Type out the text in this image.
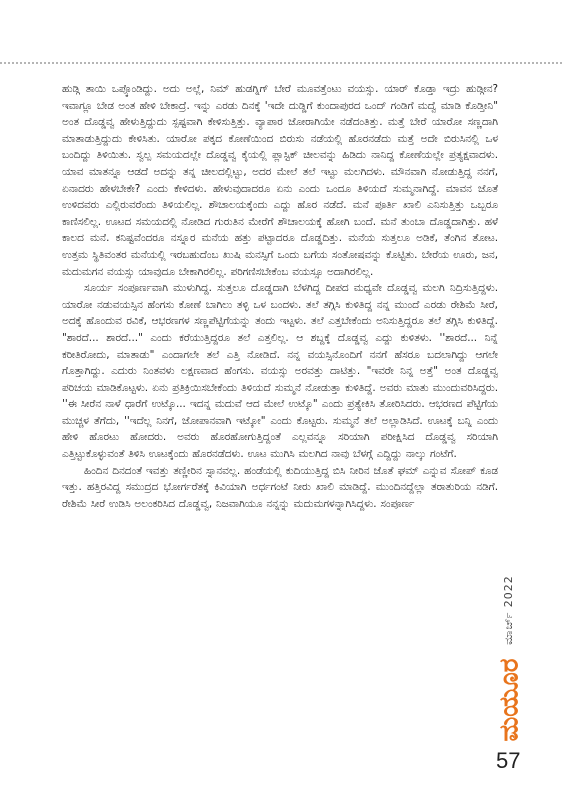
ಹುಡ್ಗಿ ತಾಯಿ ಒಪ್ಕೊಂಡಿದ್ದು. ಅದು ಅಲ್ಲೆ, ನಿಮ್ ಹುಡಗ್ನಿಗ್ ಬೇರೆ ಮೂವತ್ತೆಂಟು ವಯಸ್ಸು. ಯಾರ್ ಕೊಡ್ತಾ ಇದ್ರು ಹುಡ್ಗೀನ? ಇವಾಗ್ಲೂ ಬೇಡ ಅಂತ ಹೇಳಿ ಬೇಕಾದ್ರೆ. ಇನ್ನು ಎರಡು ದಿನಕ್ಕೆ 'ಇದೇ ದುಡ್ಡಿಗೆ ಕುಂದಾಪುರದ ಒಂದ್ ಗಂಡಿಗೆ ಮದ್ವೆ ಮಾಡಿ ಕೊಡ್ತೀನಿ" ಅಂತ ದೊಡ್ಡವ್ವ ಹೇಳುತ್ತಿದ್ದುದು ಸ್ಪಷ್ಟವಾಗಿ ಕೇಳಿಸುತ್ತಿತ್ತು. ವ್ಯಾಪಾರ ಜೋರಾಗಿಯೇ ನಡೆದಂತಿತ್ತು. ಮತ್ತೆ ಬೇರೆ ಯಾರೋ ಸಣ್ಣದಾಗಿ ಮಾತಾಡುತ್ತಿದ್ದುದು ಕೇಳಿಸಿತು. ಯಾರೋ ಪಕ್ಕದ ಕೋಣೆಯಿಂದ ಬಿರುಸು ನಡೆಯಲ್ಲಿ ಹೊರನಡೆದು ಮತ್ತೆ ಅದೇ ಬಿರುಸಿನಲ್ಲಿ ಒಳ ಬಂದಿದ್ದು ತಿಳಿಯಿತು. ಸ್ವಲ್ಪ ಸಮಯದಲ್ಲೇ ದೊಡ್ಡವ್ವ ಕೈಯಲ್ಲಿ ಪ್ಲಾಸ್ಟಿಕ್ ಚೀಲವನ್ನು ಹಿಡಿದು ನಾನಿದ್ದ ಕೋಣೆಯಲ್ಲೇ ಪ್ರತ್ಯಕ್ಷವಾದಳು. ಯಾವ ಮಾತನ್ನೂ ಆಡದೆ ಅದನ್ನು ತನ್ನ ಚೀಲದಲ್ಲಿಟ್ಟು, ಅದರ ಮೇಲೆ ತಲೆ ಇಟ್ಟು ಮಲಗಿದಳು. ಮೌನವಾಗಿ ನೋಡುತ್ತಿದ್ದ ನನಗೆ, ಏನಾದರು ಹೇಳಬೇಕೇ? ಎಂದು ಕೇಳಿದಳು. ಹೇಳುವುದಾದರೂ ಏನು ಎಂದು ಒಂದೂ ತಿಳಿಯದೆ ಸುಮ್ಮನಾಗಿದ್ದೆ. ಮಾವನ ಜೊತೆ ಉಳಿದವರು ಎಲ್ಲಿರುವರೆಂದು ತಿಳಿಯಲಿಲ್ಲ. ಶೌಚಾಲಯಕ್ಕೆಂದು ಎದ್ದು ಹೊರ ನಡೆದೆ. ಮನೆ ಪೂರ್ತಿ ಖಾಲಿ ಎನಿಸುತ್ತಿತ್ತು ಒಬ್ಬರೂ ಕಾಣಿಸಲಿಲ್ಲ. ಊಟದ ಸಮಯದಲ್ಲಿ ನೋಡಿದ ಗುರುತಿನ ಮೇರೆಗೆ ಶೌಚಾಲಯಕ್ಕೆ ಹೋಗಿ ಬಂದೆ. ಮನೆ ತುಂಬಾ ದೊಡ್ಡದಾಗಿತ್ತು. ಹಳೆ ಕಾಲದ ಮನೆ. ಕನಿಷ್ಟವೆಂದರೂ ನಸ್ನೂರ ಮನೆಯ ಹತ್ತು ಪಟ್ಟಾದರೂ ದೊಡ್ಡದಿತ್ತು. ಮನೆಯ ಸುತ್ತಲೂ ಅಡಿಕೆ, ತೆಂಗಿನ ತೋಟ. ಉತ್ತಮ ಸ್ಥಿತಿವಂತರ ಮನೆಯಲ್ಲಿ ಇರಬಹುದೆಂಬ ಖುಷಿ ಮನಸ್ಸಿಗೆ ಒಂದು ಬಗೆಯ ಸಂತೋಷವನ್ನು ಕೊಟ್ಟಿತು. ಬೇರೆಯ ಊರು, ಜನ, ಮದುಮಗನ ವಯಸ್ಸು ಯಾವುದೂ ಬೇಕಾಗಿರಲಿಲ್ಲ. ಪರಿಗಣಿಸಬೇಕೆಂಬ ವಯಸ್ಸೂ ಅದಾಗಿರಲಿಲ್ಲ.

ಸೂರ್ಯ ಸಂಪೂರ್ಣವಾಗಿ ಮುಳುಗಿದ್ದ. ಸುತ್ತಲೂ ದೊಡ್ಡದಾಗಿ ಬೆಳಗಿದ್ದ ದೀಪದ ಮಧ್ಯವೇ ದೊಡ್ಡವ್ವ ಮಲಗಿ ನಿದ್ರಿಸುತ್ತಿದ್ದಳು. ಯಾರೋ ನಡುವಯಸ್ಸಿನ ಹೆಂಗಸು ಕೋಣೆ ಬಾಗಿಲು ತಳ್ಳಿ ಒಳ ಬಂದಳು. ತಲೆ ತಗ್ಗಿಸಿ ಕುಳಿತಿದ್ದ ನನ್ನ ಮುಂದೆ ಎರಡು ರೇಶಿಮೆ ಸೀರೆ, ಅದಕ್ಕೆ ಹೊಂದುವ ರವಿಕೆ, ಆಭರಣಗಳ ಸಣ್ಣಪೆಟ್ಟಿಗೆಯನ್ನು ತಂದು ಇಟ್ಟಳು. ತಲೆ ಎತ್ತಬೇಕೆಂದು ಅನಿಸುತ್ತಿದ್ದರೂ ತಲೆ ತಗ್ಗಿಸಿ ಕುಳಿತಿದ್ದೆ. "ಶಾರದೆ... ಶಾರದೆ..." ಎಂದು ಕರೆಯುತ್ತಿದ್ದರೂ ತಲೆ ಎತ್ತಲಿಲ್ಲ. ಆ ಶಬ್ದಕ್ಕೆ ದೊಡ್ಡವ್ವ ಎದ್ದು ಕುಳಿತಳು. ''ಶಾರದೆ... ನಿನ್ನೆ ಕರೀತಿರೋದು, ಮಾತಾಡು" ಎಂದಾಗಲೇ ತಲೆ ಎತ್ತಿ ನೋಡಿದೆ. ನನ್ನ ವಯಸ್ಸಿನೊಂದಿಗೆ ನನಗೆ ಹೆಸರೂ ಬದಲಾಗಿದ್ದು ಆಗಲೇ ಗೊತ್ತಾಗಿದ್ದು. ಎದುರು ನಿಂತವಳು ಲಕ್ಷಣವಾದ ಹೆಂಗಸು. ವಯಸ್ಸು ಅರವತ್ತು ದಾಟಿತ್ತು. "ಇವರೇ ನಿನ್ನ ಅತ್ತೆ" ಅಂತ ದೊಡ್ಡವ್ವ ಪರಿಚಯ ಮಾಡಿಕೊಟ್ಟಳು. ಏನು ಪ್ರತಿಕ್ರಿಯಿಸಬೇಕೆಂದು ತಿಳಿಯದೆ ಸುಮ್ಮನೆ ನೋಡುತ್ತಾ ಕುಳಿತಿದ್ದೆ. ಅವರು ಮಾತು ಮುಂದುವರಿಸಿದ್ದರು. ''ಈ ಸೀರೆನ ನಾಳೆ ಧಾರೆಗೆ ಉಟ್ಕೊ... ಇದನ್ನ ಮದುವೆ ಆದ ಮೇಲೆ ಉಟ್ಕೊ" ಎಂದು ಪ್ರತ್ಯೇಕಿಸಿ ತೋರಿಸಿದರು. ಆಭರಣದ ಪೆಟ್ಟಿಗೆಯ ಮುಚ್ಚಳ ತೆಗೆದು, ''ಇದೆಲ್ಲ ನಿನಗೆ, ಜೋಪಾನವಾಗಿ ಇಟ್ಕೋ" ಎಂದು ಕೊಟ್ಟರು. ಸುಮ್ಮನೆ ತಲೆ ಅಲ್ಲಾಡಿಸಿದೆ. ಊಟಕ್ಕೆ ಬನ್ನಿ ಎಂದು ಹೇಳಿ ಹೊರಟು ಹೋದರು. ಅವರು ಹೊರಹೋಗುತ್ತಿದ್ದಂತೆ ಎಲ್ಲವನ್ನೂ ಸರಿಯಾಗಿ ಪರೀಕ್ಷಿಸಿದ ದೊಡ್ಡವ್ವ ಸರಿಯಾಗಿ ಎತ್ತಿಟ್ಟುಕೊಳ್ಳುವಂತೆ ತಿಳಿಸಿ ಊಟಕ್ಕೆಂದು ಹೊರನಡೆದಳು. ಊಟ ಮುಗಿಸಿ ಮಲಗಿದ ನಾವು ಬೆಳಗ್ಗೆ ಎದ್ದಿದ್ದು ನಾಲ್ಕು ಗಂಟೆಗೆ.

ಹಿಂದಿನ ದಿನದಂತೆ ಇವತ್ತು ತಣ್ಣೀರಿನ ಸ್ನಾನವಲ್ಲ. ಹಂಡೆಯಲ್ಲಿ ಕುದಿಯುತ್ತಿದ್ದ ಬಿಸಿ ನೀರಿನ ಜೊತೆ ಘಮ್ ಎನ್ನುವ ಸೋಪ್ ಕೂಡ ಇತ್ತು. ಹತ್ತಿರವಿದ್ದ ಸಮುದ್ರದ ಭೋರ್ಗರೆತಕ್ಕೆ ಕಿವಿಯಾಗಿ ಅರ್ಧಗಂಟೆ ನೀರು ಖಾಲಿ ಮಾಡಿದ್ದೆ. ಮುಂದಿನದ್ದೆಲ್ಲಾ ತರಾತುರಿಯ ನಡಿಗೆ. ರೇಶಿಮೆ ಸೀರೆ ಉಡಿಸಿ ಅಲಂಕರಿಸಿದ ದೊಡ್ಡವ್ವ, ನಿಜವಾಗಿಯೂ ನನ್ನನ್ನು ಮದುಮಗಳನ್ನಾಗಿಸಿದ್ದಳು. ಸಂಪೂರ್ಣ

ಮಾರ್ಚ್ 2022
ಮಯೂರ
57
